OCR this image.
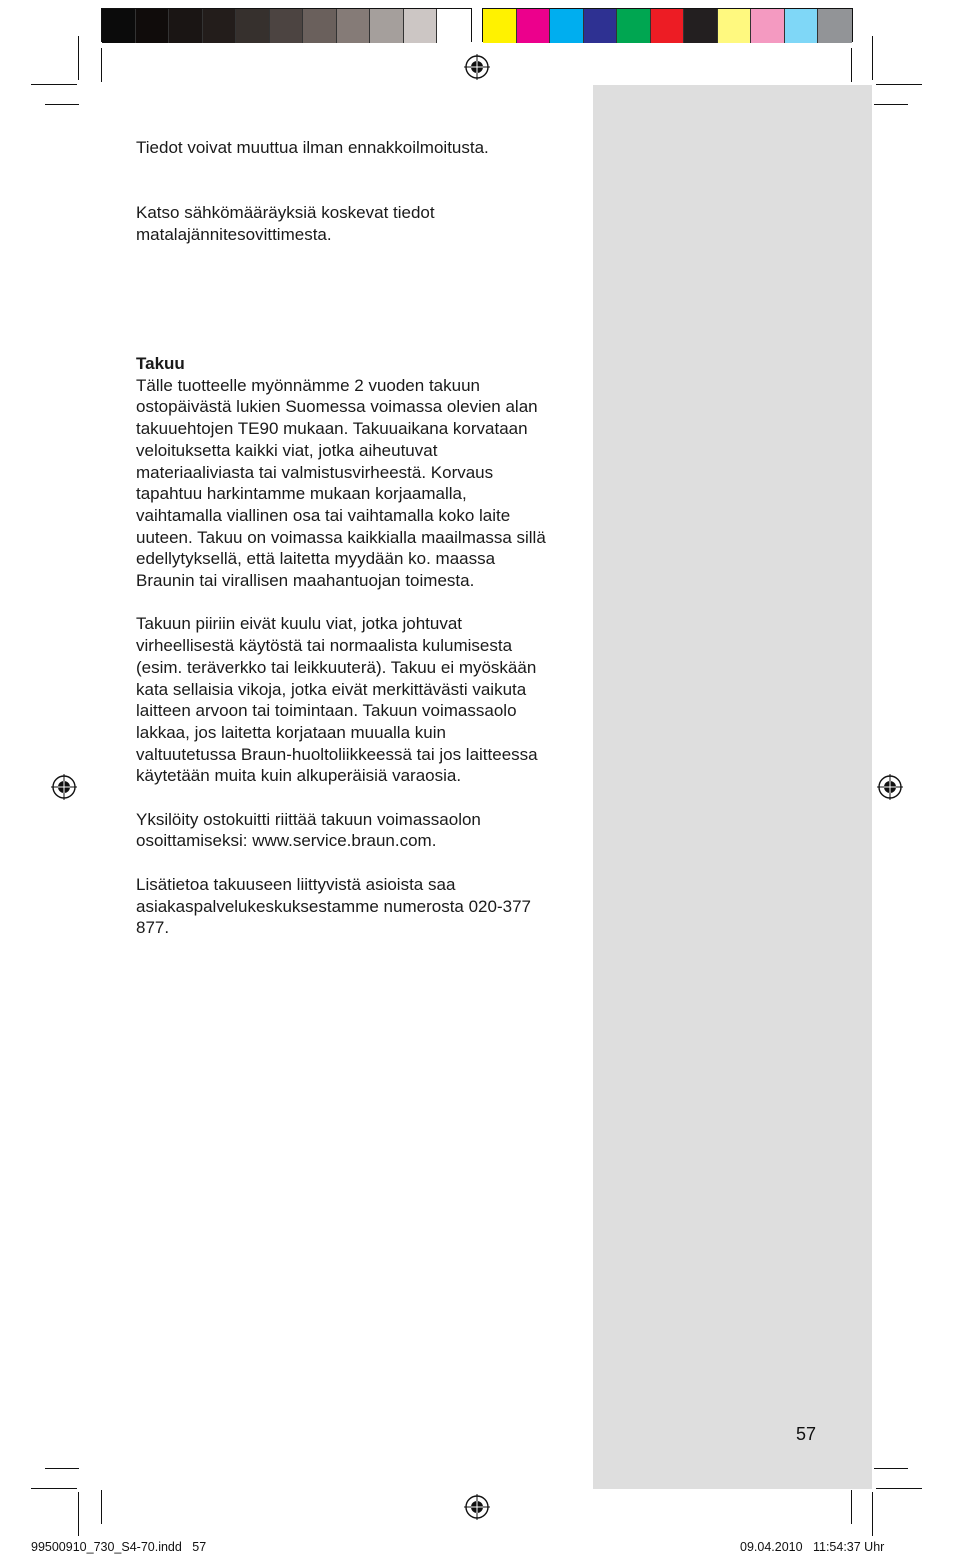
Tiedot voivat muuttua ilman ennakkoilmoitusta.

Katso sähkömääräyksiä koskevat tiedot matalajännitesovittimesta.

Takuu

Tälle tuotteelle myönnämme 2 vuoden takuun ostopäivästä lukien Suomessa voimassa olevien alan takuuehtojen TE90 mukaan. Takuuaikana korvataan veloituksetta kaikki viat, jotka aiheutuvat materiaaliviasta tai valmistusvirheestä. Korvaus tapahtuu harkintamme mukaan korjaamalla, vaihtamalla viallinen osa tai vaihtamalla koko laite uuteen. Takuu on voimassa kaikkialla maailmassa sillä edellytyksellä, että laitetta myydään ko. maassa Braunin tai virallisen maahantuojan toimesta.

Takuun piiriin eivät kuulu viat, jotka johtuvat virheellisestä käytöstä tai normaalista kulumisesta (esim. teräverkko tai leikkuuterä). Takuu ei myöskään kata sellaisia vikoja, jotka eivät merkittävästi vaikuta laitteen arvoon tai toimintaan. Takuun voimassaolo lakkaa, jos laitetta korjataan muualla kuin valtuutetussa Braun-huoltoliikkeessä tai jos laitteessa käytetään muita kuin alkuperäisiä varaosia.

Yksilöity ostokuitti riittää takuun voimassaolon osoittamiseksi: www.service.braun.com.

Lisätietoa takuuseen liittyvistä asioista saa asiakaspalvelukeskuksestamme numerosta 020-377 877.

57
99500910_730_S4-70.indd   57	09.04.2010   11:54:37 Uhr
